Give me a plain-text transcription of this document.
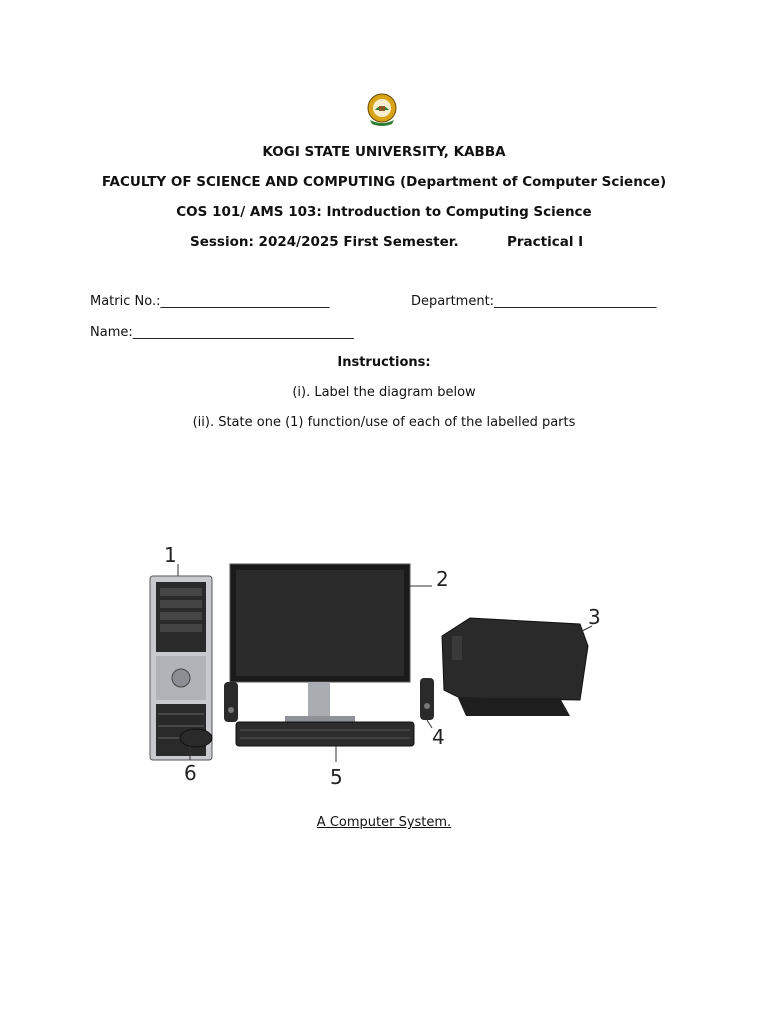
KOGI STATE UNIVERSITY, KABBA
FACULTY OF SCIENCE AND COMPUTING (Department of Computer Science)
COS 101/ AMS 103: Introduction to Computing Science
Session: 2024/2025 First Semester.	Practical I
Matric No.:__________________________	Department:_________________________
Name:__________________________________
Instructions:
(i). Label the diagram below
(ii). State one (1) function/use of each of the labelled parts
1
2
3
4
5
6
A Computer System.
